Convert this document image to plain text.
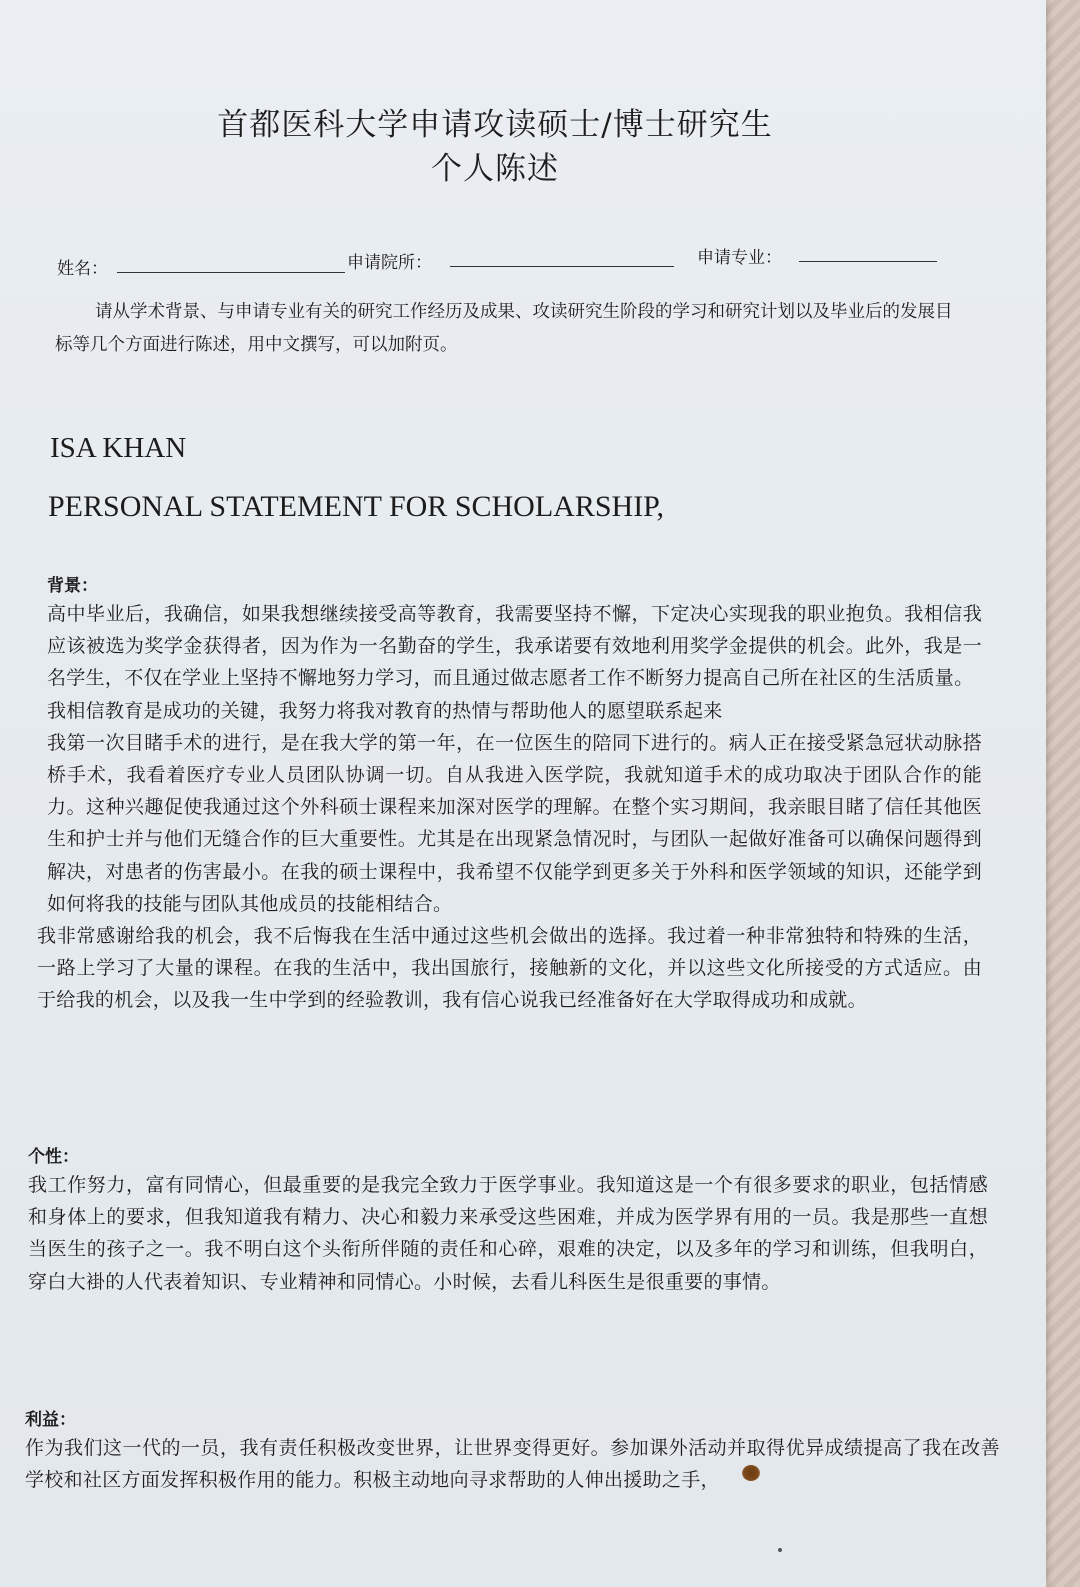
首都医科大学申请攻读硕士/博士研究生
个人陈述
姓名：	申请院所：	申请专业：

请从学术背景、与申请专业有关的研究工作经历及成果、攻读研究生阶段的学习和研究计划以及毕业后的发展目标等几个方面进行陈述，用中文撰写，可以加附页。

ISA KHAN
PERSONAL STATEMENT FOR SCHOLARSHIP,
背景：

高中毕业后，我确信，如果我想继续接受高等教育，我需要坚持不懈，下定决心实现我的职业抱负。我相信我应该被选为奖学金获得者，因为作为一名勤奋的学生，我承诺要有效地利用奖学金提供的机会。此外，我是一名学生，不仅在学业上坚持不懈地努力学习，而且通过做志愿者工作不断努力提高自己所在社区的生活质量。

我相信教育是成功的关键，我努力将我对教育的热情与帮助他人的愿望联系起来

我第一次目睹手术的进行，是在我大学的第一年，在一位医生的陪同下进行的。病人正在接受紧急冠状动脉搭桥手术，我看着医疗专业人员团队协调一切。自从我进入医学院，我就知道手术的成功取决于团队合作的能力。这种兴趣促使我通过这个外科硕士课程来加深对医学的理解。在整个实习期间，我亲眼目睹了信任其他医生和护士并与他们无缝合作的巨大重要性。尤其是在出现紧急情况时，与团队一起做好准备可以确保问题得到解决，对患者的伤害最小。在我的硕士课程中，我希望不仅能学到更多关于外科和医学领域的知识，还能学到如何将我的技能与团队其他成员的技能相结合。

我非常感谢给我的机会，我不后悔我在生活中通过这些机会做出的选择。我过着一种非常独特和特殊的生活，一路上学习了大量的课程。在我的生活中，我出国旅行，接触新的文化，并以这些文化所接受的方式适应。由于给我的机会，以及我一生中学到的经验教训，我有信心说我已经准备好在大学取得成功和成就。

个性：

我工作努力，富有同情心，但最重要的是我完全致力于医学事业。我知道这是一个有很多要求的职业，包括情感和身体上的要求，但我知道我有精力、决心和毅力来承受这些困难，并成为医学界有用的一员。我是那些一直想当医生的孩子之一。我不明白这个头衔所伴随的责任和心碎，艰难的决定，以及多年的学习和训练，但我明白，穿白大褂的人代表着知识、专业精神和同情心。小时候，去看儿科医生是很重要的事情。

利益：

作为我们这一代的一员，我有责任积极改变世界，让世界变得更好。参加课外活动并取得优异成绩提高了我在改善学校和社区方面发挥积极作用的能力。积极主动地向寻求帮助的人伸出援助之手，
